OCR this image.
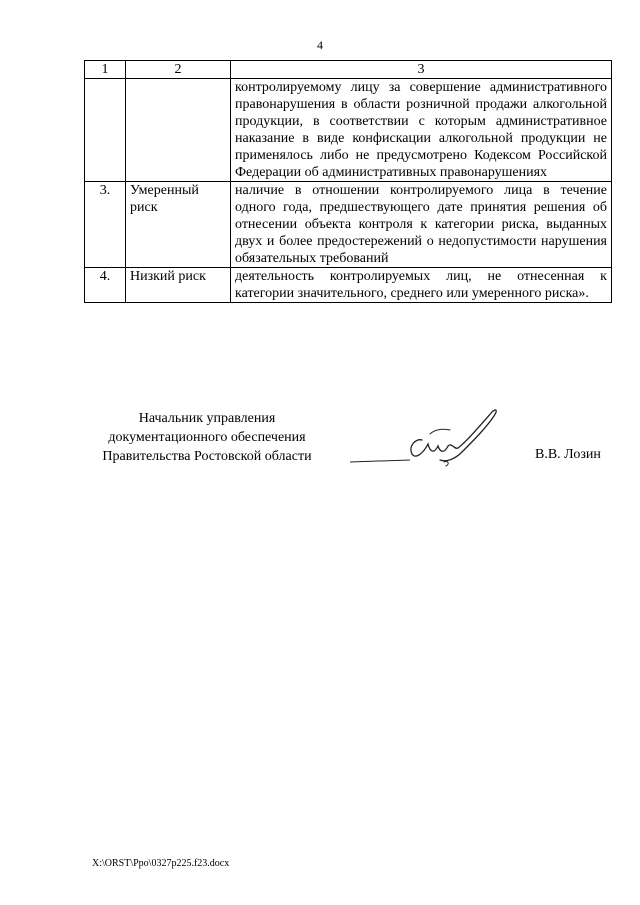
4
1	2	3
		контролируемому лицу за совершение административного правонарушения в области розничной продажи алкогольной продукции, в соответствии с которым административное наказание в виде конфискации алкогольной продукции не применялось либо не предусмотрено Кодексом Российской Федерации об административных правонарушениях
3.	Умеренный риск	наличие в отношении контролируемого лица в течение одного года, предшествующего дате принятия решения об отнесении объекта контроля к категории риска, выданных двух и более предостережений о недопустимости нарушения обязательных требований
4.	Низкий риск	деятельность контролируемых лиц, не отнесенная к категории значительного, среднего или умеренного риска».
Начальник управления
документационного обеспечения
Правительства Ростовской области	В.В. Лозин
X:\ORST\Ppo\0327p225.f23.docx
